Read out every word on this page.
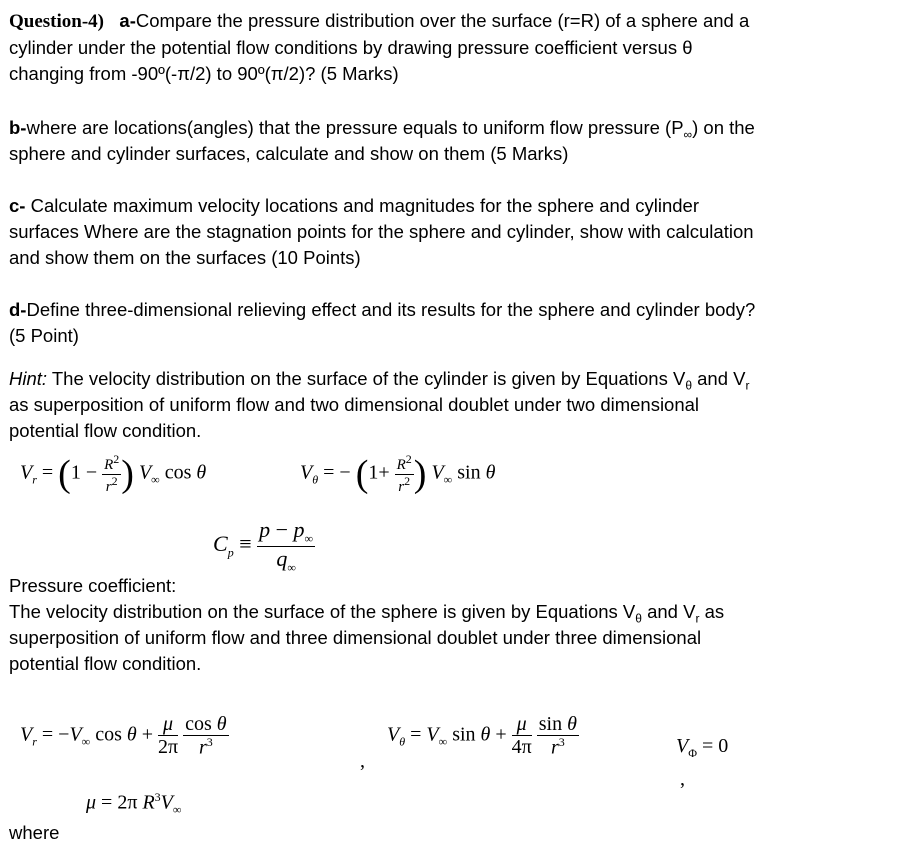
Question-4) a-Compare the pressure distribution over the surface (r=R) of a sphere and a

cylinder under the potential flow conditions by drawing pressure coefficient versus θ

changing from -90º(-π/2) to 90º(π/2)? (5 Marks)

b-where are locations(angles) that the pressure equals to uniform flow pressure $(P_\infty)$ on the

sphere and cylinder surfaces, calculate and show on them (5 Marks)

c- Calculate maximum velocity locations and magnitudes for the sphere and cylinder

surfaces Where are the stagnation points for the sphere and cylinder, show with calculation

and show them on the surfaces (10 Points)

d-Define three-dimensional relieving effect and its results for the sphere and cylinder body?

(5 Point)

Hint: The velocity distribution on the surface of the cylinder is given by Equations $V_\theta$ and $V_r$

as superposition of uniform flow and two dimensional doublet under two dimensional

potential flow condition.

$V_r = (1 - \frac{R^2}{r^2}$ ) $V_\infty$ cos θ	$V_\theta$ = − ($1+ \frac{R^2}{r^2}$ ) $V_\infty$ sin θ
$C_p \equiv \frac{p - p_\infty}{q_\infty}$

Pressure coefficient:

The velocity distribution on the surface of the sphere is given by Equations $V_\theta$ and $V_r$ as

superposition of uniform flow and three dimensional doublet under three dimensional

potential flow condition.

$V_r = -V_\infty$ $\cos \theta + \frac{\mu}{2\pi}$
$\frac{\text{cos θ}}{r^3}$
,
$V_\theta = V_\infty$ $\sin \theta + \frac{\mu}{4\pi}$
$\frac{\text{sin θ}}{r^3}$	$V_\Phi = 0$
,
μ = 2π $R^3V_\infty$

where
